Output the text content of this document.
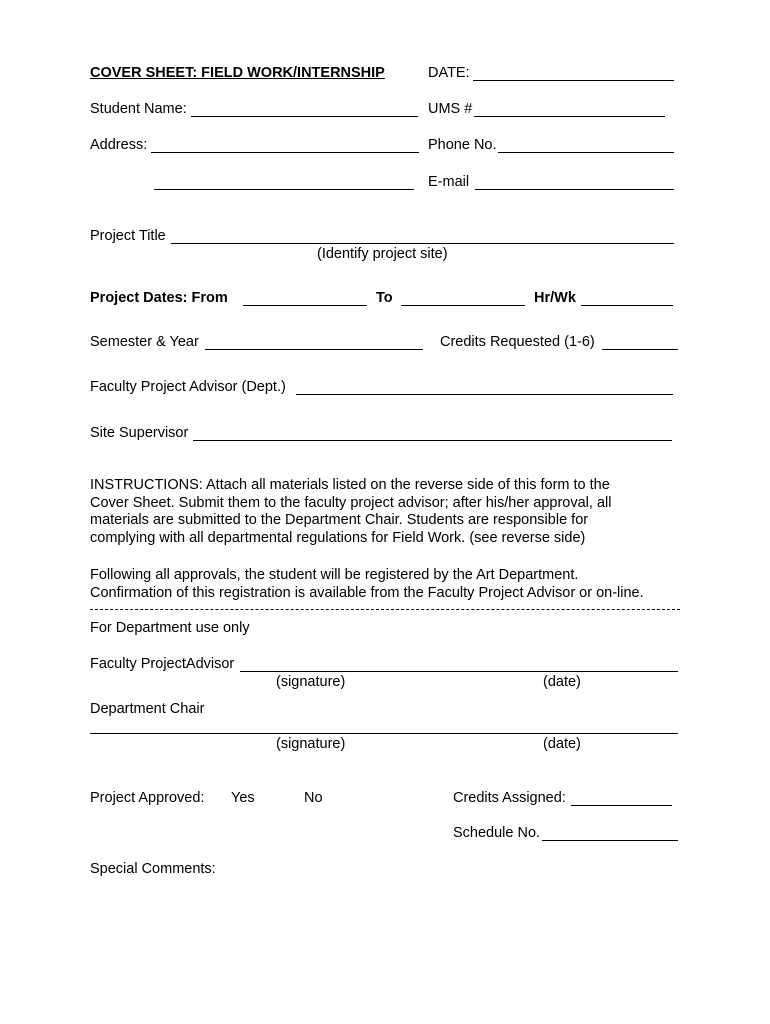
COVER SHEET: FIELD WORK/INTERNSHIP	DATE:
Student Name:	UMS #
Address:	Phone No.
E-mail
Project Title
(Identify project site)
Project Dates: From	To	Hr/Wk
Semester & Year	Credits Requested (1-6)
Faculty Project Advisor (Dept.)
Site Supervisor
INSTRUCTIONS: Attach all materials listed on the reverse side of this form to the
Cover Sheet. Submit them to the faculty project advisor; after his/her approval, all
materials are submitted to the Department Chair. Students are responsible for
complying with all departmental regulations for Field Work. (see reverse side)
Following all approvals, the student will be registered by the Art Department.
Confirmation of this registration is available from the Faculty Project Advisor or on-line.
For Department use only
Faculty ProjectAdvisor
(signature)	(date)
Department Chair
(signature)	(date)
Project Approved: Yes	No	Credits Assigned:
Schedule No.
Special Comments:
